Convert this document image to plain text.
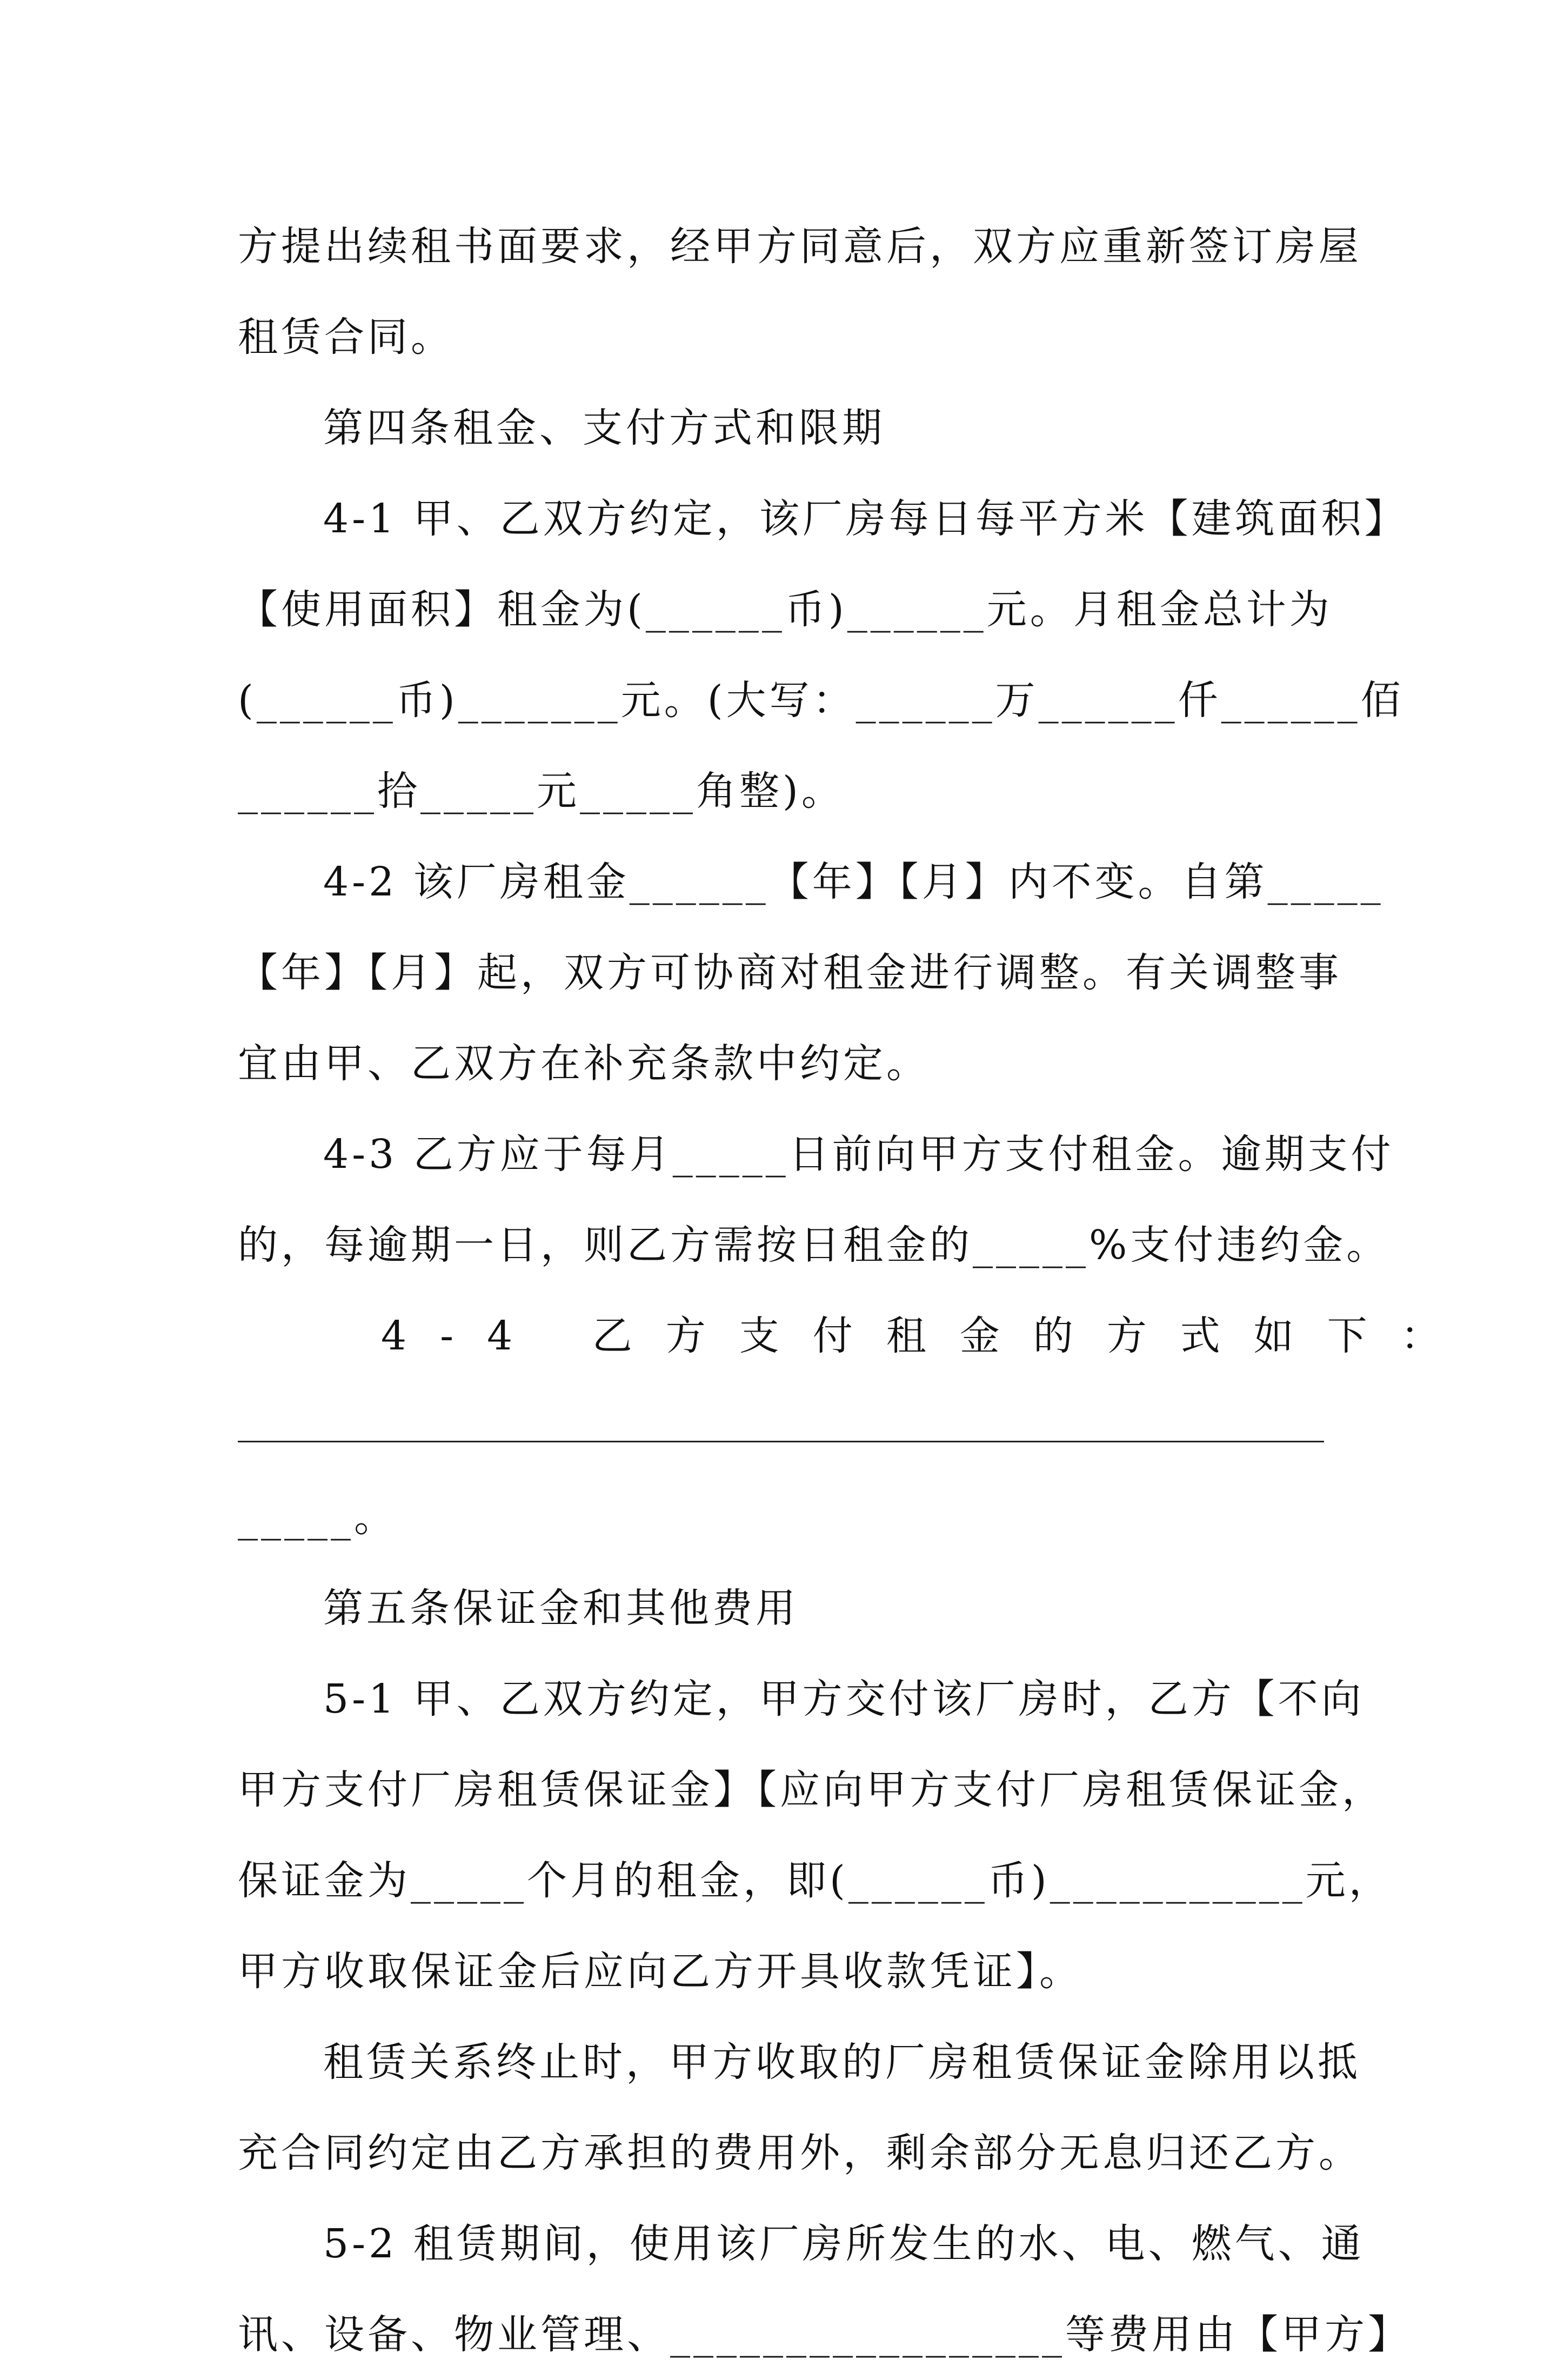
方提出续租书面要求，经甲方同意后，双方应重新签订房屋
租赁合同。
第四条租金、支付方式和限期
4-1 甲、乙双方约定，该厂房每日每平方米【建筑面积】
【使用面积】租金为(______币)______元。月租金总计为
(______币)_______元。(大写：______万______仟______佰
______拾_____元_____角整)。
4-2 该厂房租金______【年】【月】内不变。自第_____
【年】【月】起，双方可协商对租金进行调整。有关调整事
宜由甲、乙双方在补充条款中约定。
4-3 乙方应于每月_____日前向甲方支付租金。逾期支付
的，每逾期一日，则乙方需按日租金的_____%支付违约金。
4-4 乙方支付租金的方式如下：
_____。
第五条保证金和其他费用
5-1 甲、乙双方约定，甲方交付该厂房时，乙方【不向
甲方支付厂房租赁保证金】【应向甲方支付厂房租赁保证金，
保证金为_____个月的租金，即(______币)___________元，
甲方收取保证金后应向乙方开具收款凭证】。
租赁关系终止时，甲方收取的厂房租赁保证金除用以抵
充合同约定由乙方承担的费用外，剩余部分无息归还乙方。
5-2 租赁期间，使用该厂房所发生的水、电、燃气、通
讯、设备、物业管理、_________________等费用由【甲方】
